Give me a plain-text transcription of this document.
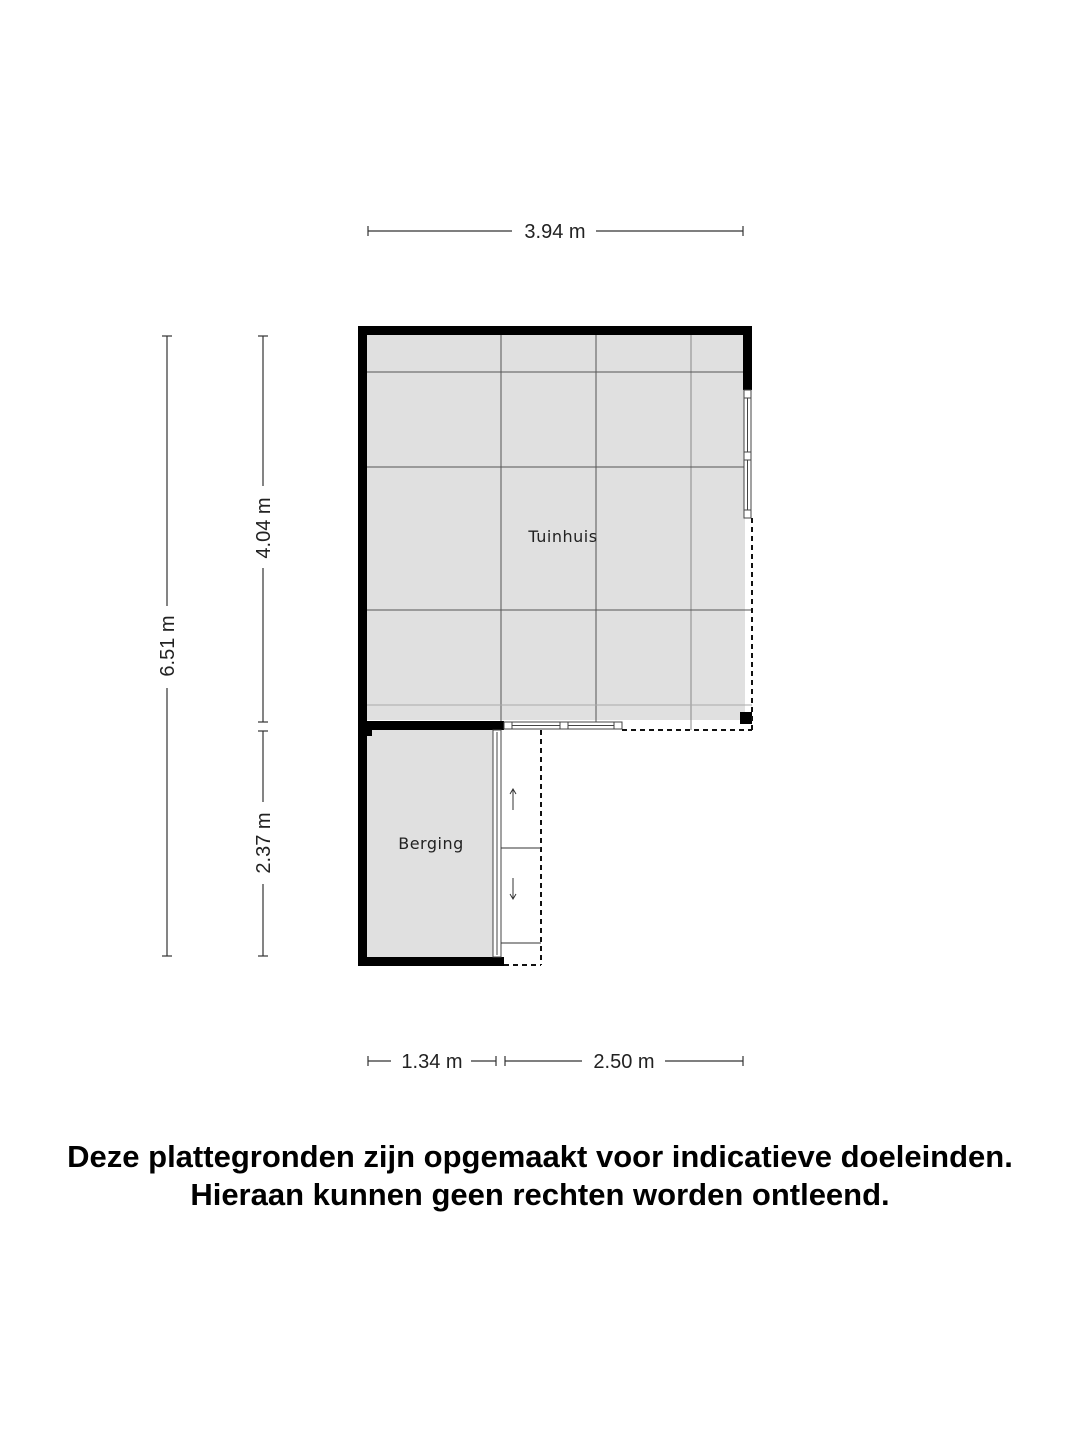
Tuinhuis
Berging
3.94 m
6.51 m
4.04 m
2.37 m
1.34 m	2.50 m
Deze plattegronden zijn opgemaakt voor indicatieve doeleinden.
Hieraan kunnen geen rechten worden ontleend.
